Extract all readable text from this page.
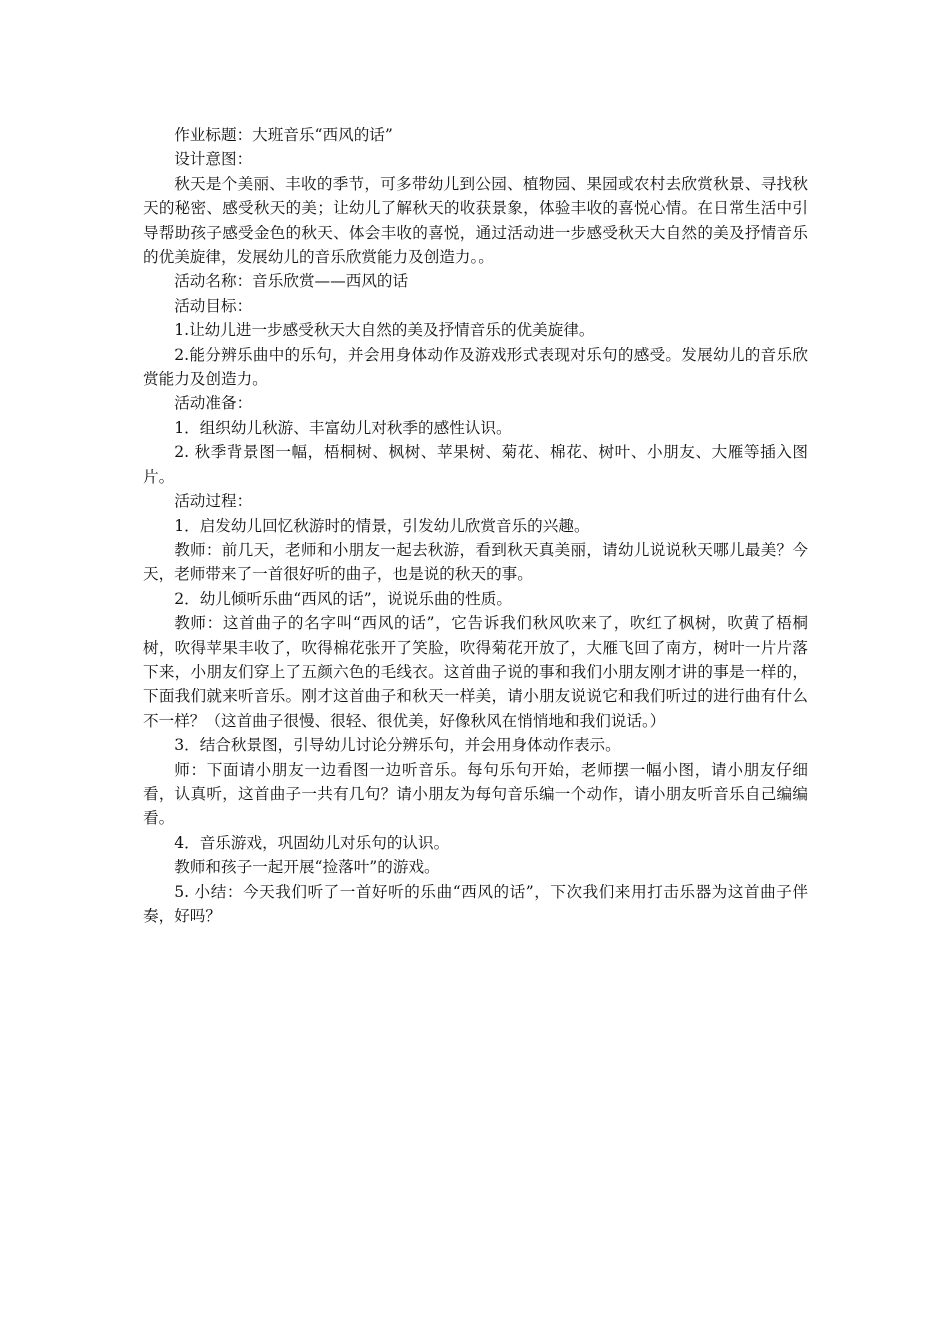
作业标题：大班音乐“西风的话”

设计意图：

秋天是个美丽、丰收的季节，可多带幼儿到公园、植物园、果园或农村去欣赏秋景、寻找秋天的秘密、感受秋天的美；让幼儿了解秋天的收获景象，体验丰收的喜悦心情。在日常生活中引导帮助孩子感受金色的秋天、体会丰收的喜悦，通过活动进一步感受秋天大自然的美及抒情音乐的优美旋律，发展幼儿的音乐欣赏能力及创造力。。

活动名称：音乐欣赏——西风的话

活动目标：

1.让幼儿进一步感受秋天大自然的美及抒情音乐的优美旋律。

2.能分辨乐曲中的乐句，并会用身体动作及游戏形式表现对乐句的感受。发展幼儿的音乐欣赏能力及创造力。

活动准备：

1．组织幼儿秋游、丰富幼儿对秋季的感性认识。

2. 秋季背景图一幅，梧桐树、枫树、苹果树、菊花、棉花、树叶、小朋友、大雁等插入图片。

活动过程：

1．启发幼儿回忆秋游时的情景，引发幼儿欣赏音乐的兴趣。

教师：前几天，老师和小朋友一起去秋游，看到秋天真美丽，请幼儿说说秋天哪儿最美？今天，老师带来了一首很好听的曲子，也是说的秋天的事。

2．幼儿倾听乐曲“西风的话”，说说乐曲的性质。

教师：这首曲子的名字叫“西风的话”，它告诉我们秋风吹来了，吹红了枫树，吹黄了梧桐树，吹得苹果丰收了，吹得棉花张开了笑脸，吹得菊花开放了，大雁飞回了南方，树叶一片片落下来，小朋友们穿上了五颜六色的毛线衣。这首曲子说的事和我们小朋友刚才讲的事是一样的，下面我们就来听音乐。刚才这首曲子和秋天一样美，请小朋友说说它和我们听过的进行曲有什么不一样？（这首曲子很慢、很轻、很优美，好像秋风在悄悄地和我们说话。）

3．结合秋景图，引导幼儿讨论分辨乐句，并会用身体动作表示。

师：下面请小朋友一边看图一边听音乐。每句乐句开始，老师摆一幅小图，请小朋友仔细看，认真听，这首曲子一共有几句？请小朋友为每句音乐编一个动作，请小朋友听音乐自己编编看。

4．音乐游戏，巩固幼儿对乐句的认识。

教师和孩子一起开展“捡落叶”的游戏。

5. 小结：今天我们听了一首好听的乐曲“西风的话”，下次我们来用打击乐器为这首曲子伴奏，好吗？
